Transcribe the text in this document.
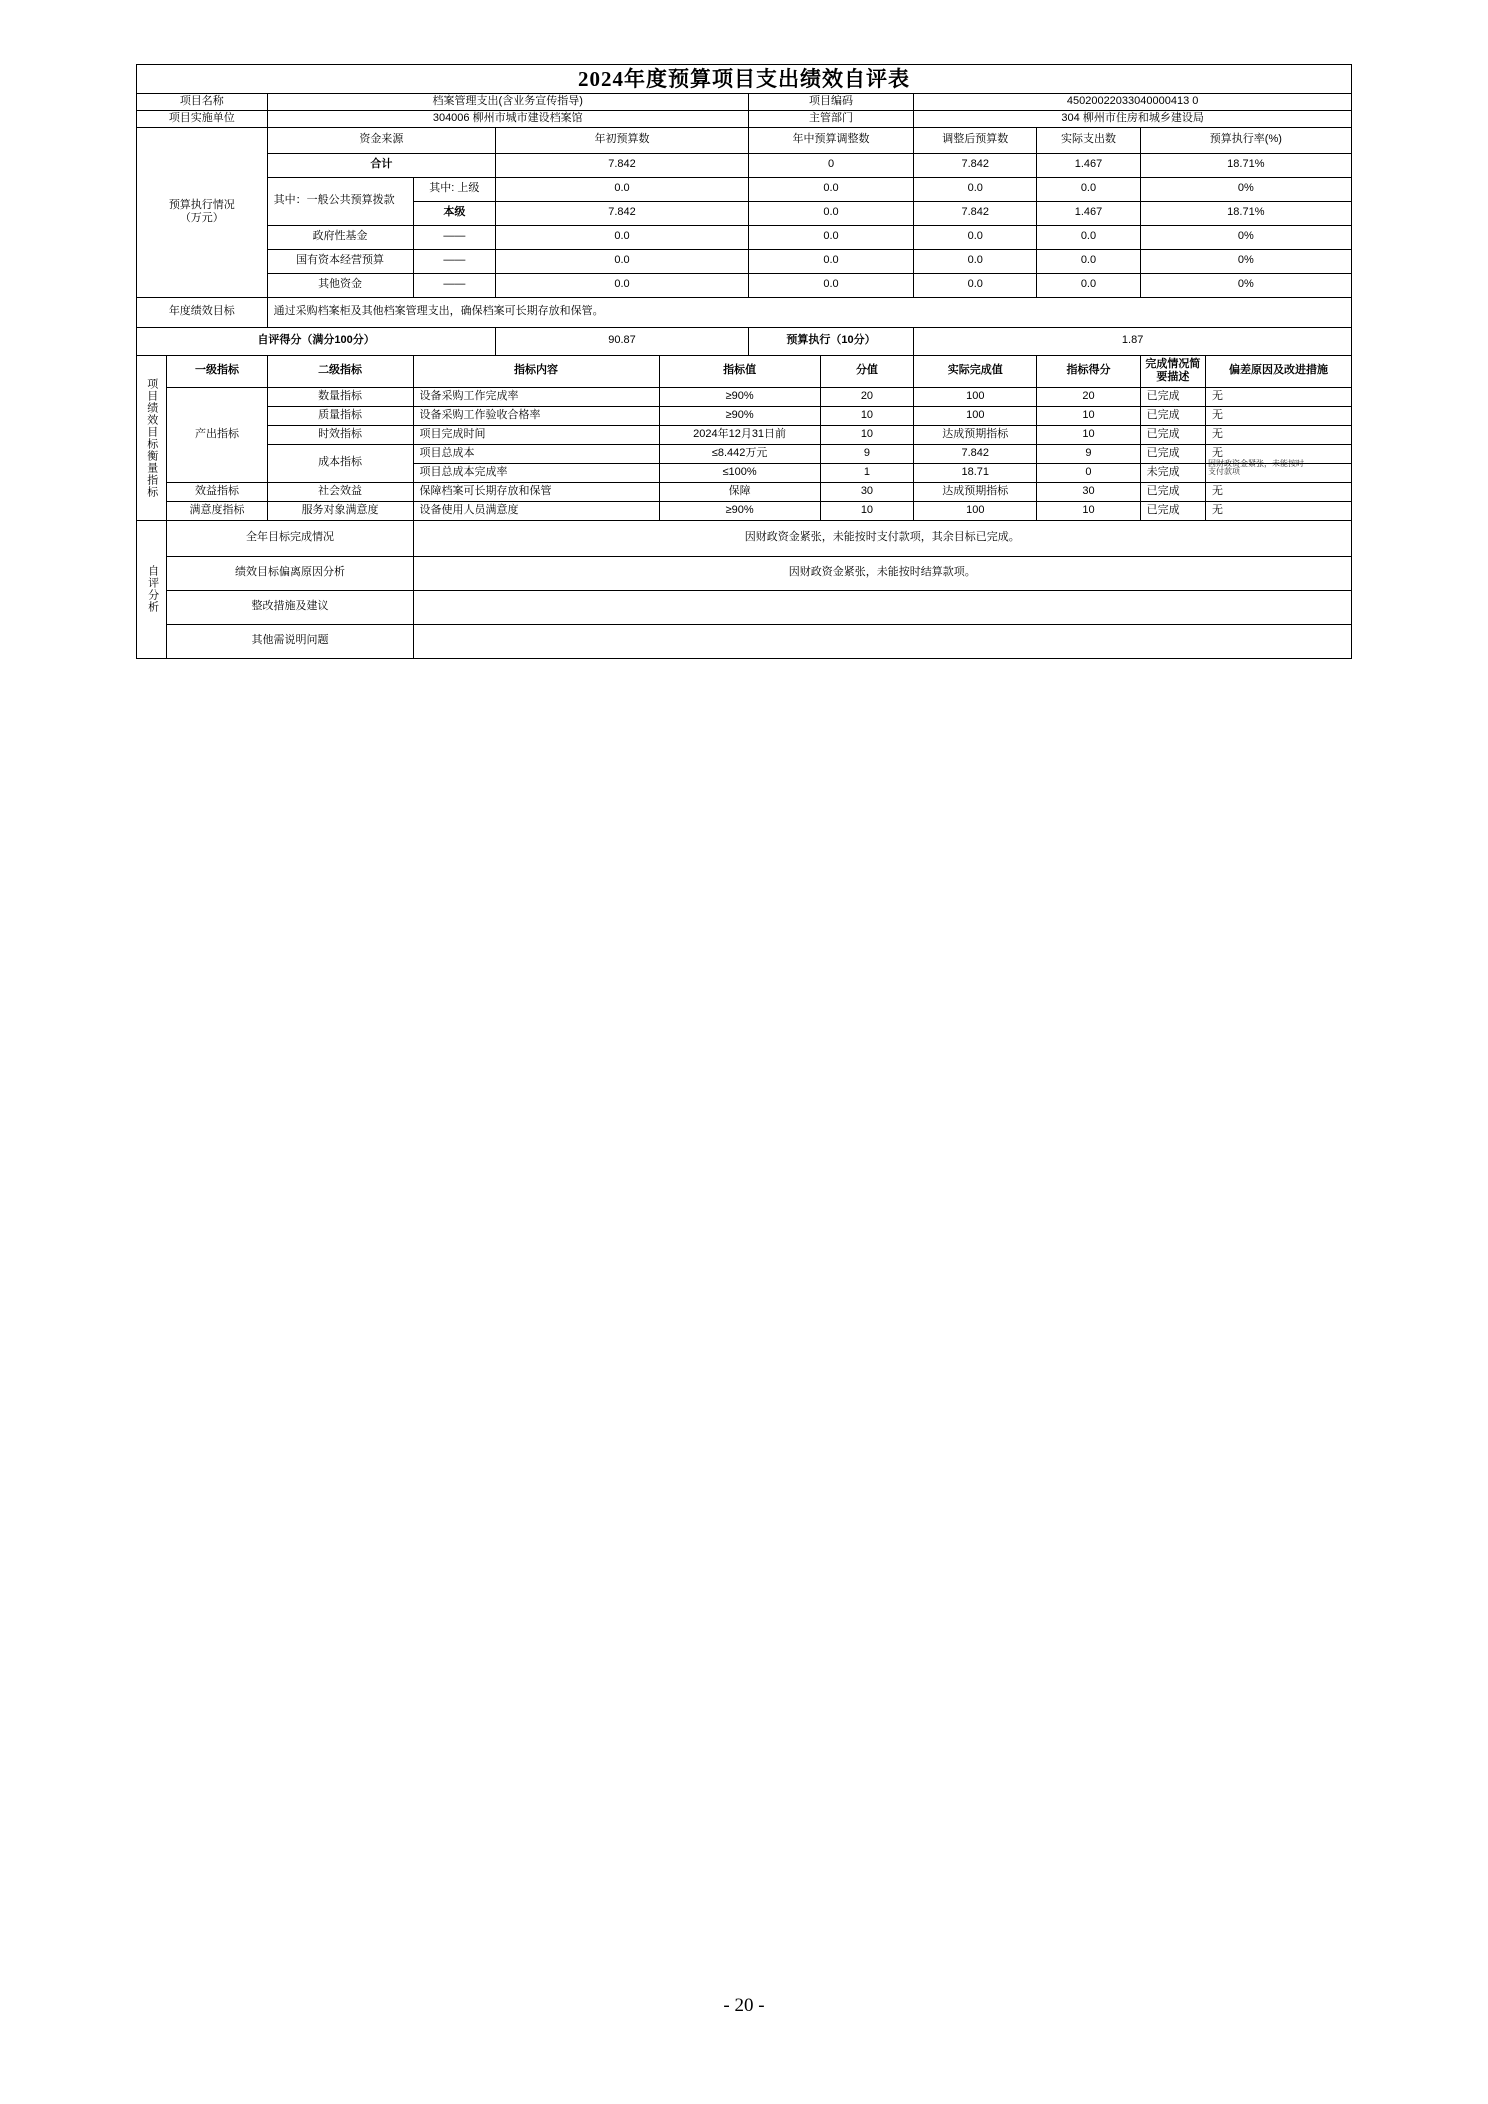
2024年度预算项目支出绩效自评表											
项目名称		档案管理支出(含业务宣传指导)				项目编码		45020022033040000413 0			
项目实施单位		304006 柳州市城市建设档案馆				主管部门		304 柳州市住房和城乡建设局			

预算执行情况
（万元）		资金来源		年初预算数		年中预算调整数		调整后预算数	实际支出数	预算执行率(%)	
		合计		7.842		0		7.842	1.467	18.71%	
		其中：一般公共预算拨款	其中: 上级	0.0		0.0		0.0	0.0	0%	
			本级	7.842		0.0		7.842	1.467	18.71%	
		政府性基金	——	0.0		0.0		0.0	0.0	0%	
		国有资本经营预算	——	0.0		0.0		0.0	0.0	0%	
		其他资金	——	0.0		0.0		0.0	0.0	0%	
年度绩效目标		通过采购档案柜及其他档案管理支出，确保档案可长期存放和保管。									
自评得分（满分100分）				90.87		预算执行（10分）		1.87			

项目绩效目标衡量指标	一级指标	二级指标	指标内容		指标值		分值	实际完成值	指标得分	完成情况简要描述	偏差原因及改进措施
	产出指标	数量指标	设备采购工作完成率		≥90%		20	100	20	已完成	无
		质量指标	设备采购工作验收合格率		≥90%		10	100	10	已完成	无
		时效指标	项目完成时间		2024年12月31日前		10	达成预期指标	10	已完成	无
		成本指标	项目总成本		≤8.442万元		9	7.842	9	已完成	无
			项目总成本完成率		≤100%		1	18.71	0	未完成	因财政资金紧张，未能按时支付款项

	效益指标	社会效益	保障档案可长期存放和保管		保障		30	达成预期指标	30	已完成	无
	满意度指标	服务对象满意度	设备使用人员满意度		≥90%		10	100	10	已完成	无

自评分析	全年目标完成情况		因财政资金紧张，未能按时支付款项，其余目标已完成。								
	绩效目标偏离原因分析		因财政资金紧张，未能按时结算款项。								
	整改措施及建议										
	其他需说明问题										
- 20 -
